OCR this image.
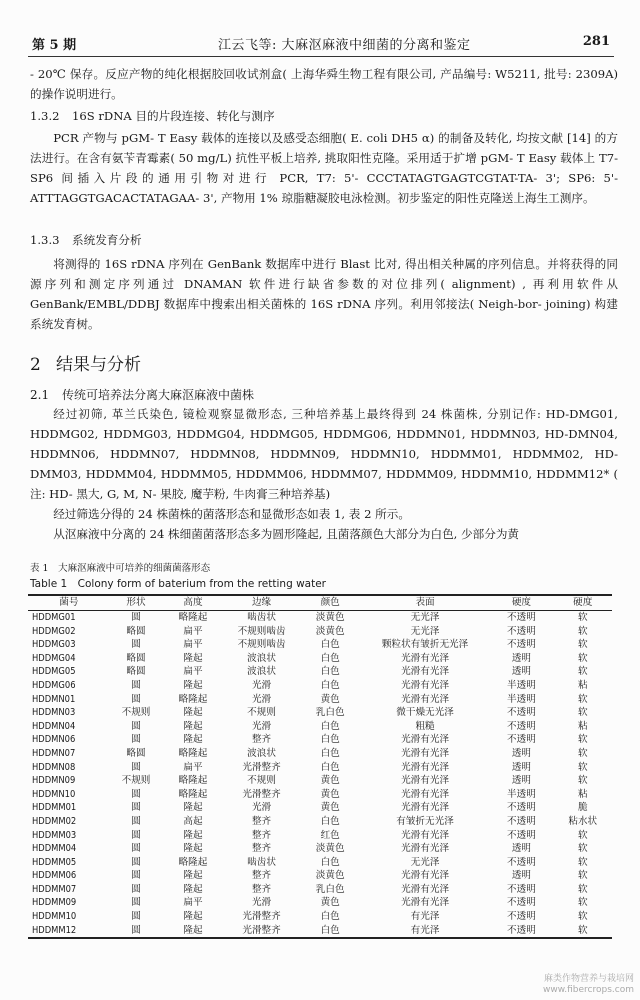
第 5 期	江云飞等: 大麻沤麻液中细菌的分离和鉴定	281

- 20℃ 保存。反应产物的纯化根据胶回收试剂盒( 上海华舜生物工程有限公司, 产品编号: W5211, 批号: 2309A) 的操作说明进行。

1.3.2 16S rDNA 目的片段连接、转化与测序

PCR 产物与 pGM- T Easy 载体的连接以及感受态细胞( E. coli DH5 α) 的制备及转化, 均按文献 [14] 的方法进行。在含有氨苄青霉素( 50 mg/L) 抗性平板上培养, 挑取阳性克隆。采用适于扩增 pGM- T Easy 载体上 T7- SP6 间插入片段的通用引物对进行 PCR, T7: 5'- CCCTATAGTGAGTCGTAT-TA- 3'; SP6: 5'- ATTTAGGTGACACTATAGAA- 3', 产物用 1% 琼脂糖凝胶电泳检测。初步鉴定的阳性克隆送上海生工测序。

1.3.3 系统发育分析

将测得的 16S rDNA 序列在 GenBank 数据库中进行 Blast 比对, 得出相关种属的序列信息。并将获得的同源序列和测定序列通过 DNAMAN 软件进行缺省参数的对位排列( alignment) , 再利用软件从 GenBank/EMBL/DDBJ 数据库中搜索出相关菌株的 16S rDNA 序列。利用邻接法( Neigh-bor- joining) 构建系统发育树。

2 结果与分析
2.1 传统可培养法分离大麻沤麻液中菌株

经过初筛, 革兰氏染色, 镜检观察显微形态, 三种培养基上最终得到 24 株菌株, 分别记作: HD-DMG01, HDDMG02, HDDMG03, HDDMG04, HDDMG05, HDDMG06, HDDMN01, HDDMN03, HD-DMN04, HDDMN06, HDDMN07, HDDMN08, HDDMN09, HDDMN10, HDDMM01, HDDMM02, HD-DMM03, HDDMM04, HDDMM05, HDDMM06, HDDMM07, HDDMM09, HDDMM10, HDDMM12* ( 注: HD- 黑大, G, M, N- 果胶, 魔芋粉, 牛肉膏三种培养基)

经过筛选分得的 24 株菌株的菌落形态和显微形态如表 1, 表 2 所示。

从沤麻液中分离的 24 株细菌菌落形态多为圆形隆起, 且菌落颜色大部分为白色, 少部分为黄

表 1　大麻沤麻液中可培养的细菌菌落形态
Table 1　Colony form of baterium from the retting water
菌号	形状	高度	边缘	颜色	表面	硬度	硬度
HDDMG01	圆	略隆起	啮齿状	淡黄色	无光泽	不透明	软
HDDMG02	略圆	扁平	不规则啮齿	淡黄色	无光泽	不透明	软
HDDMG03	圆	扁平	不规则啮齿	白色	颗粒状有皱折无光泽	不透明	软
HDDMG04	略圆	隆起	波浪状	白色	光滑有光泽	透明	软
HDDMG05	略圆	扁平	波浪状	白色	光滑有光泽	透明	软
HDDMG06	圆	隆起	光滑	白色	光滑有光泽	半透明	粘
HDDMN01	圆	略隆起	光滑	黄色	光滑有光泽	半透明	软
HDDMN03	不规则	隆起	不规则	乳白色	微干燥无光泽	不透明	软
HDDMN04	圆	隆起	光滑	白色	粗糙	不透明	粘
HDDMN06	圆	隆起	整齐	白色	光滑有光泽	不透明	软
HDDMN07	略圆	略隆起	波浪状	白色	光滑有光泽	透明	软
HDDMN08	圆	扁平	光滑整齐	白色	光滑有光泽	透明	软
HDDMN09	不规则	略隆起	不规则	黄色	光滑有光泽	透明	软
HDDMN10	圆	略隆起	光滑整齐	黄色	光滑有光泽	半透明	粘
HDDMM01	圆	隆起	光滑	黄色	光滑有光泽	不透明	脆
HDDMM02	圆	高起	整齐	白色	有皱折无光泽	不透明	粘水状
HDDMM03	圆	隆起	整齐	红色	光滑有光泽	不透明	软
HDDMM04	圆	隆起	整齐	淡黄色	光滑有光泽	透明	软
HDDMM05	圆	略隆起	啮齿状	白色	无光泽	不透明	软
HDDMM06	圆	隆起	整齐	淡黄色	光滑有光泽	透明	软
HDDMM07	圆	隆起	整齐	乳白色	光滑有光泽	不透明	软
HDDMM09	圆	扁平	光滑	黄色	光滑有光泽	不透明	软
HDDMM10	圆	隆起	光滑整齐	白色	有光泽	不透明	软
HDDMM12	圆	隆起	光滑整齐	白色	有光泽	不透明	软
麻类作物营养与栽培网
www.fibercrops.com
